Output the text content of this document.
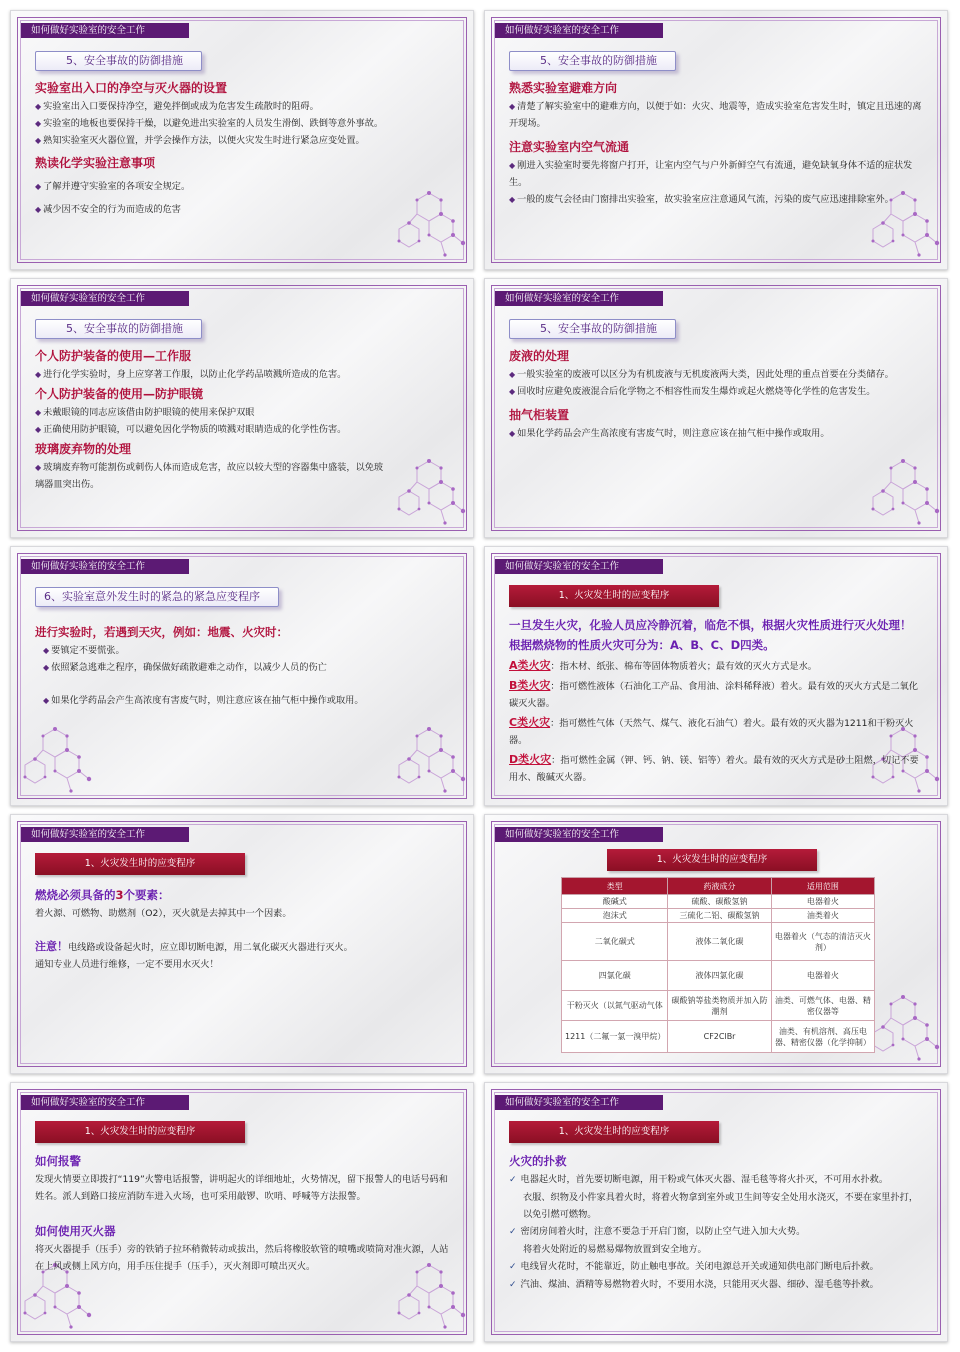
如何做好实验室的安全工作
5、安全事故的防御措施
实验室出入口的净空与灭火器的设置
◆ 实验室出入口要保持净空，避免拌倒或成为危害发生疏散时的阻碍。
◆ 实验室的地板也要保持干燥，以避免进出实验室的人员发生滑倒、跌倒等意外事故。
◆ 熟知实验室灭火器位置，并学会操作方法，以便火灾发生时进行紧急应变处置。
熟读化学实验注意事项
◆ 了解并遵守实验室的各项安全规定。
◆ 减少因不安全的行为而造成的危害
如何做好实验室的安全工作
5、安全事故的防御措施
熟悉实验室避难方向
◆ 清楚了解实验室中的避难方向，以便于如：火灾、地震等，造成实验室危害发生时，镇定且迅速的离开现场。
注意实验室内空气流通
◆ 刚进入实验室时要先将窗户打开，让室内空气与户外新鲜空气有流通，避免缺氧身体不适的症状发生。
◆ 一般的废气会径由门窗排出实验室，故实验室应注意通风气流，污染的废气应迅速排除室外。
如何做好实验室的安全工作
5、安全事故的防御措施
个人防护装备的使用—工作服
◆ 进行化学实验时，身上应穿著工作服，以防止化学药品喷溅所造成的危害。
个人防护装备的使用—防护眼镜
◆ 未戴眼镜的同志应该借由防护眼镜的使用来保护双眼
◆ 正确使用防护眼镜，可以避免因化学物质的喷溅对眼睛造成的化学性伤害。
玻璃废弃物的处理
◆ 玻璃废弃物可能割伤或刺伤人体而造成危害，故应以较大型的容器集中盛装，以免玻璃器皿突出伤。
如何做好实验室的安全工作
5、安全事故的防御措施
废液的处理
◆ 一般实验室的废液可以区分为有机废液与无机废液两大类，因此处理的重点首要在分类储存。
◆ 回收时应避免废液混合后化学物之不相容性而发生爆炸或起火燃烧等化学性的危害发生。
抽气柜装置
◆ 如果化学药品会产生高浓度有害废气时，则注意应该在抽气柜中操作或取用。
如何做好实验室的安全工作
6、实验室意外发生时的紧急的紧急应变程序
进行实验时，若遇到天灾，例如：地震、火灾时：
◆ 要镇定不要慌张。
◆ 依照紧急逃难之程序，确保做好疏散避难之动作，以减少人员的伤亡
◆ 如果化学药品会产生高浓度有害废气时，则注意应该在抽气柜中操作或取用。
如何做好实验室的安全工作
1、火灾发生时的应变程序
一旦发生火灾，化验人员应冷静沉着，临危不惧，根据火灾性质进行灭火处理！
根据燃烧物的性质火灾可分为：A、B、C、D四类。
A类火灾：指木材、纸张、棉布等固体物质着火；最有效的灭火方式是水。
B类火灾：指可燃性液体（石油化工产品、食用油、涂料稀释液）着火。最有效的灭火方式是二氧化碳灭火器。
C类火灾：指可燃性气体（天然气、煤气、液化石油气）着火。最有效的灭火器为1211和干粉灭火器。
D类火灾：指可燃性金属（钾、钙、钠、镁、铝等）着火。最有效的灭火方式是砂土阻燃，切记不要用水、酸碱灭火器。
如何做好实验室的安全工作
1、火灾发生时的应变程序
燃烧必须具备的3个要素：
着火源、可燃物、助燃剂（O2），灭火就是去掉其中一个因素。
注意！电线路或设备起火时，应立即切断电源，用二氧化碳灭火器进行灭火。
通知专业人员进行维修，一定不要用水灭火！
如何做好实验室的安全工作
1、火灾发生时的应变程序
类型	药液成分	适用范围
酸碱式	硫酸、碳酸氢钠	电器着火
泡沫式	三硫化二铝、碳酸氢钠	油类着火
二氧化碳式	液体二氧化碳	电器着火（气态的清洁灭火剂）
四氯化碳	液体四氯化碳	电器着火
干粉灭火（以氮气驱动气体	碳酸钠等盐类物质并加入防潮剂	油类、可燃气体、电器、精密仪器等
1211（二氟一氯一溴甲烷）	CF2ClBr	油类、有机溶剂、高压电器、精密仪器（化学抑制）
如何做好实验室的安全工作
1、火灾发生时的应变程序
如何报警
发现火情要立即拨打“119”火警电话报警，讲明起火的详细地址，火势情况，留下报警人的电话号码和姓名。派人到路口接应消防车进入火场，也可采用敲锣、吹哨、呼喊等方法报警。
如何使用灭火器
将灭火器提手（压手）旁的铁销子拉环稍微转动或拔出，然后将橡胶软管的喷嘴或喷筒对准火源，人站在上风或侧上风方向，用手压住提手（压手），灭火剂即可喷出灭火。
如何做好实验室的安全工作
1、火灾发生时的应变程序
火灾的扑救
✓ 电器起火时，首先要切断电源，用干粉或气体灭火器、湿毛毯等将火扑灭，不可用水扑救。
衣服、织物及小件家具着火时，将着火物拿到室外或卫生间等安全处用水浇灭，不要在家里扑打，以免引燃可燃物。
✓ 密闭房间着火时，注意不要急于开启门窗，以防止空气进入加大火势。
将着火处附近的易燃易爆物放置到安全地方。
✓ 电线冒火花时，不能靠近，防止触电事故。关闭电源总开关或通知供电部门断电后扑救。
✓ 汽油、煤油、酒精等易燃物着火时，不要用水浇，只能用灭火器、细砂、湿毛毯等扑救。
